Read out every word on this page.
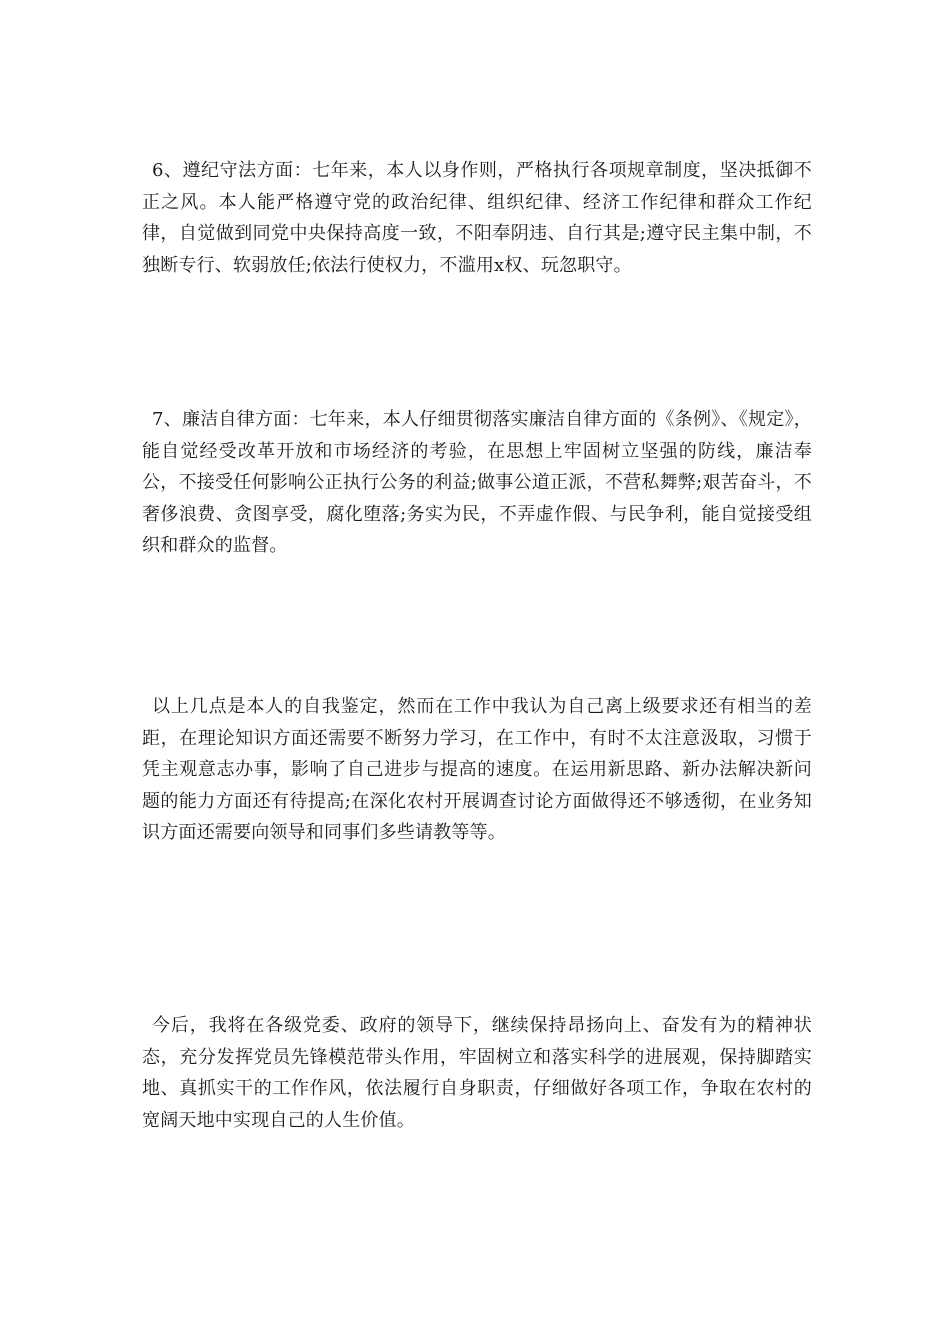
6、遵纪守法方面：七年来，本人以身作则，严格执行各项规章制度，坚决抵御不正之风。本人能严格遵守党的政治纪律、组织纪律、经济工作纪律和群众工作纪律，自觉做到同党中央保持高度一致，不阳奉阴违、自行其是;遵守民主集中制，不独断专行、软弱放任;依法行使权力，不滥用x权、玩忽职守。

7、廉洁自律方面：七年来，本人仔细贯彻落实廉洁自律方面的《条例》、《规定》，能自觉经受改革开放和市场经济的考验，在思想上牢固树立坚强的防线，廉洁奉公，不接受任何影响公正执行公务的利益;做事公道正派，不营私舞弊;艰苦奋斗，不奢侈浪费、贪图享受，腐化堕落;务实为民，不弄虚作假、与民争利，能自觉接受组织和群众的监督。

以上几点是本人的自我鉴定，然而在工作中我认为自己离上级要求还有相当的差距，在理论知识方面还需要不断努力学习，在工作中，有时不太注意汲取，习惯于凭主观意志办事，影响了自己进步与提高的速度。在运用新思路、新办法解决新问题的能力方面还有待提高;在深化农村开展调查讨论方面做得还不够透彻，在业务知识方面还需要向领导和同事们多些请教等等。

今后，我将在各级党委、政府的领导下，继续保持昂扬向上、奋发有为的精神状态，充分发挥党员先锋模范带头作用，牢固树立和落实科学的进展观，保持脚踏实地、真抓实干的工作作风，依法履行自身职责，仔细做好各项工作，争取在农村的宽阔天地中实现自己的人生价值。
